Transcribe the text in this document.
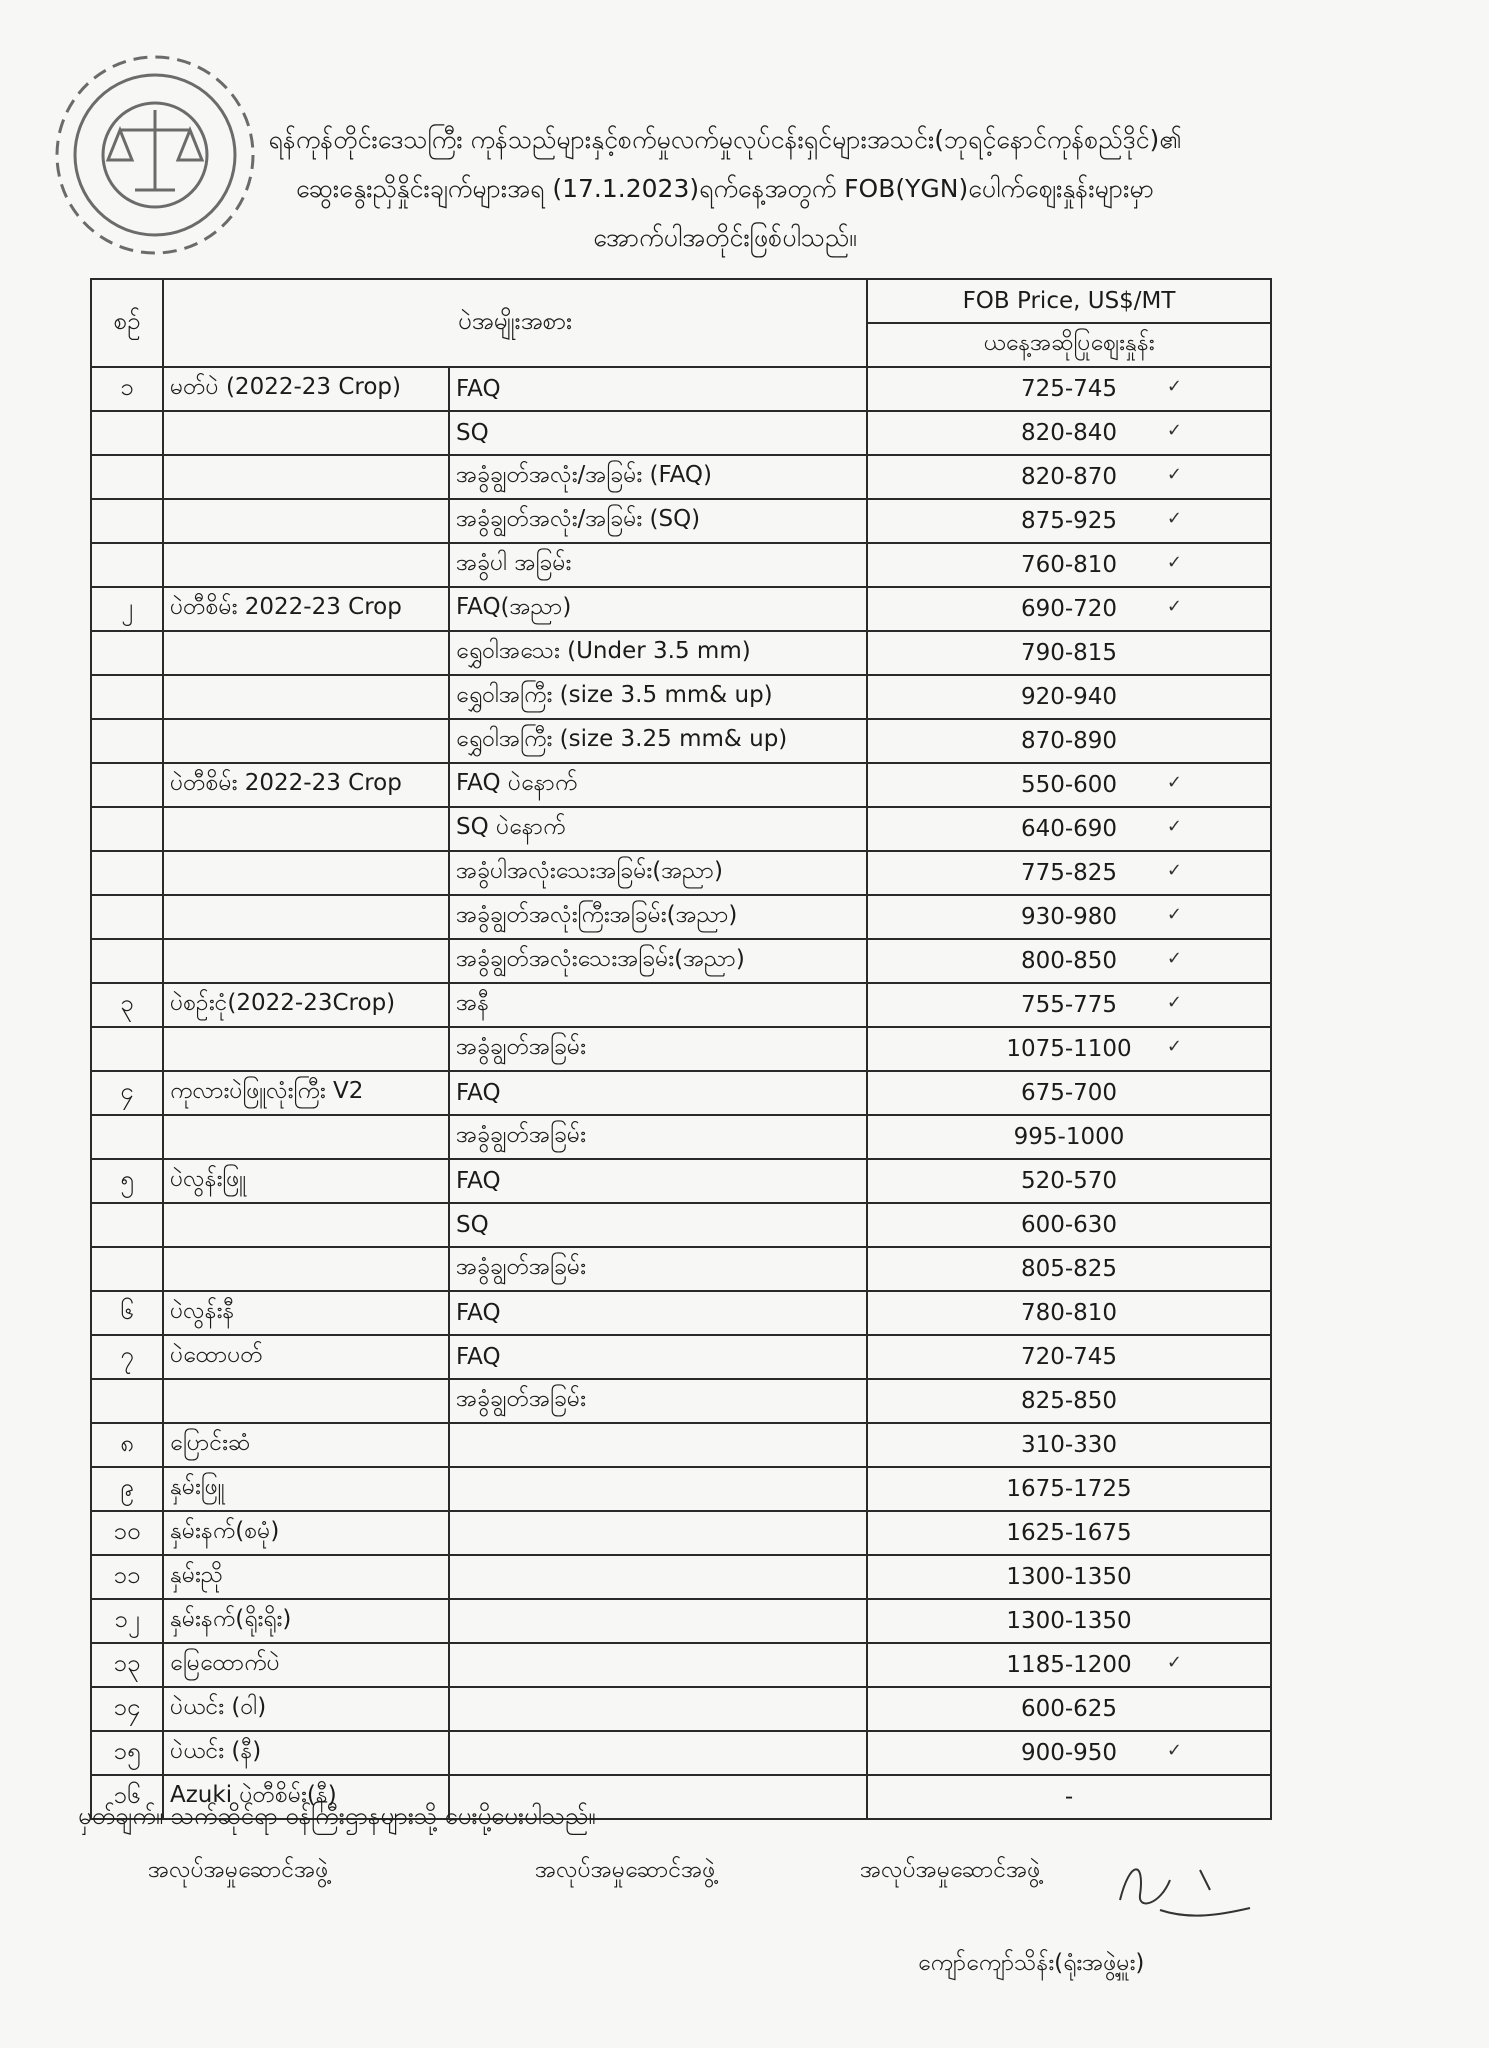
ရန်ကုန်တိုင်းဒေသကြီး ကုန်သည်များနှင့်စက်မှုလက်မှုလုပ်ငန်းရှင်များအသင်း(ဘုရင့်နောင်ကုန်စည်ဒိုင်)၏
ဆွေးနွေးညှိနှိုင်းချက်များအရ (17.1.2023)ရက်နေ့အတွက် FOB(YGN)ပေါက်ဈေးနှုန်းများမှာ
အောက်ပါအတိုင်းဖြစ်ပါသည်။
စဉ်	ပဲအမျိုးအစား		FOB Price, US$/MT
			ယနေ့အဆိုပြုဈေးနှုန်း
၁	မတ်ပဲ (2022-23 Crop)	FAQ	725-745 ✓

		SQ	820-840 ✓

		အခွံချွတ်အလုံး/အခြမ်း (FAQ)	820-870 ✓

		အခွံချွတ်အလုံး/အခြမ်း (SQ)	875-925 ✓

		အခွံပါ အခြမ်း	760-810 ✓

၂	ပဲတီစိမ်း 2022-23 Crop	FAQ(အညာ)	690-720 ✓

		ရွှေဝါအသေး (Under 3.5 mm)	790-815
		ရွှေဝါအကြီး (size 3.5 mm& up)	920-940
		ရွှေဝါအကြီး (size 3.25 mm& up)	870-890
	ပဲတီစိမ်း 2022-23 Crop	FAQ ပဲနောက်	550-600 ✓

		SQ ပဲနောက်	640-690 ✓

		အခွံပါအလုံးသေးအခြမ်း(အညာ)	775-825 ✓

		အခွံချွတ်အလုံးကြီးအခြမ်း(အညာ)	930-980 ✓

		အခွံချွတ်အလုံးသေးအခြမ်း(အညာ)	800-850 ✓

၃	ပဲစဉ်းငုံ(2022-23Crop)	အနီ	755-775 ✓

		အခွံချွတ်အခြမ်း	1075-1100 ✓

၄	ကုလားပဲဖြူလုံးကြီး V2	FAQ	675-700
		အခွံချွတ်အခြမ်း	995-1000
၅	ပဲလွန်းဖြူ	FAQ	520-570
		SQ	600-630
		အခွံချွတ်အခြမ်း	805-825
၆	ပဲလွန်းနီ	FAQ	780-810
၇	ပဲထောပတ်	FAQ	720-745
		အခွံချွတ်အခြမ်း	825-850
၈	ပြောင်းဆံ		310-330
၉	နှမ်းဖြူ		1675-1725
၁၀	နှမ်းနက်(စမုံ)		1625-1675
၁၁	နှမ်းညို		1300-1350
၁၂	နှမ်းနက်(ရိုးရိုး)		1300-1350
၁၃	မြေထောက်ပဲ		1185-1200 ✓

၁၄	ပဲယင်း (ဝါ)		600-625
၁၅	ပဲယင်း (နီ)		900-950 ✓

၁၆	Azuki ပဲတီစိမ်း(နီ)		-
မှတ်ချက်။ သက်ဆိုင်ရာ ဝန်ကြီးဌာနများသို့ ပေးပို့ပေးပါသည်။
အလုပ်အမှုဆောင်အဖွဲ့	အလုပ်အမှုဆောင်အဖွဲ့	အလုပ်အမှုဆောင်အဖွဲ့
ကျော်ကျော်သိန်း(ရုံးအဖွဲ့မှူး)
